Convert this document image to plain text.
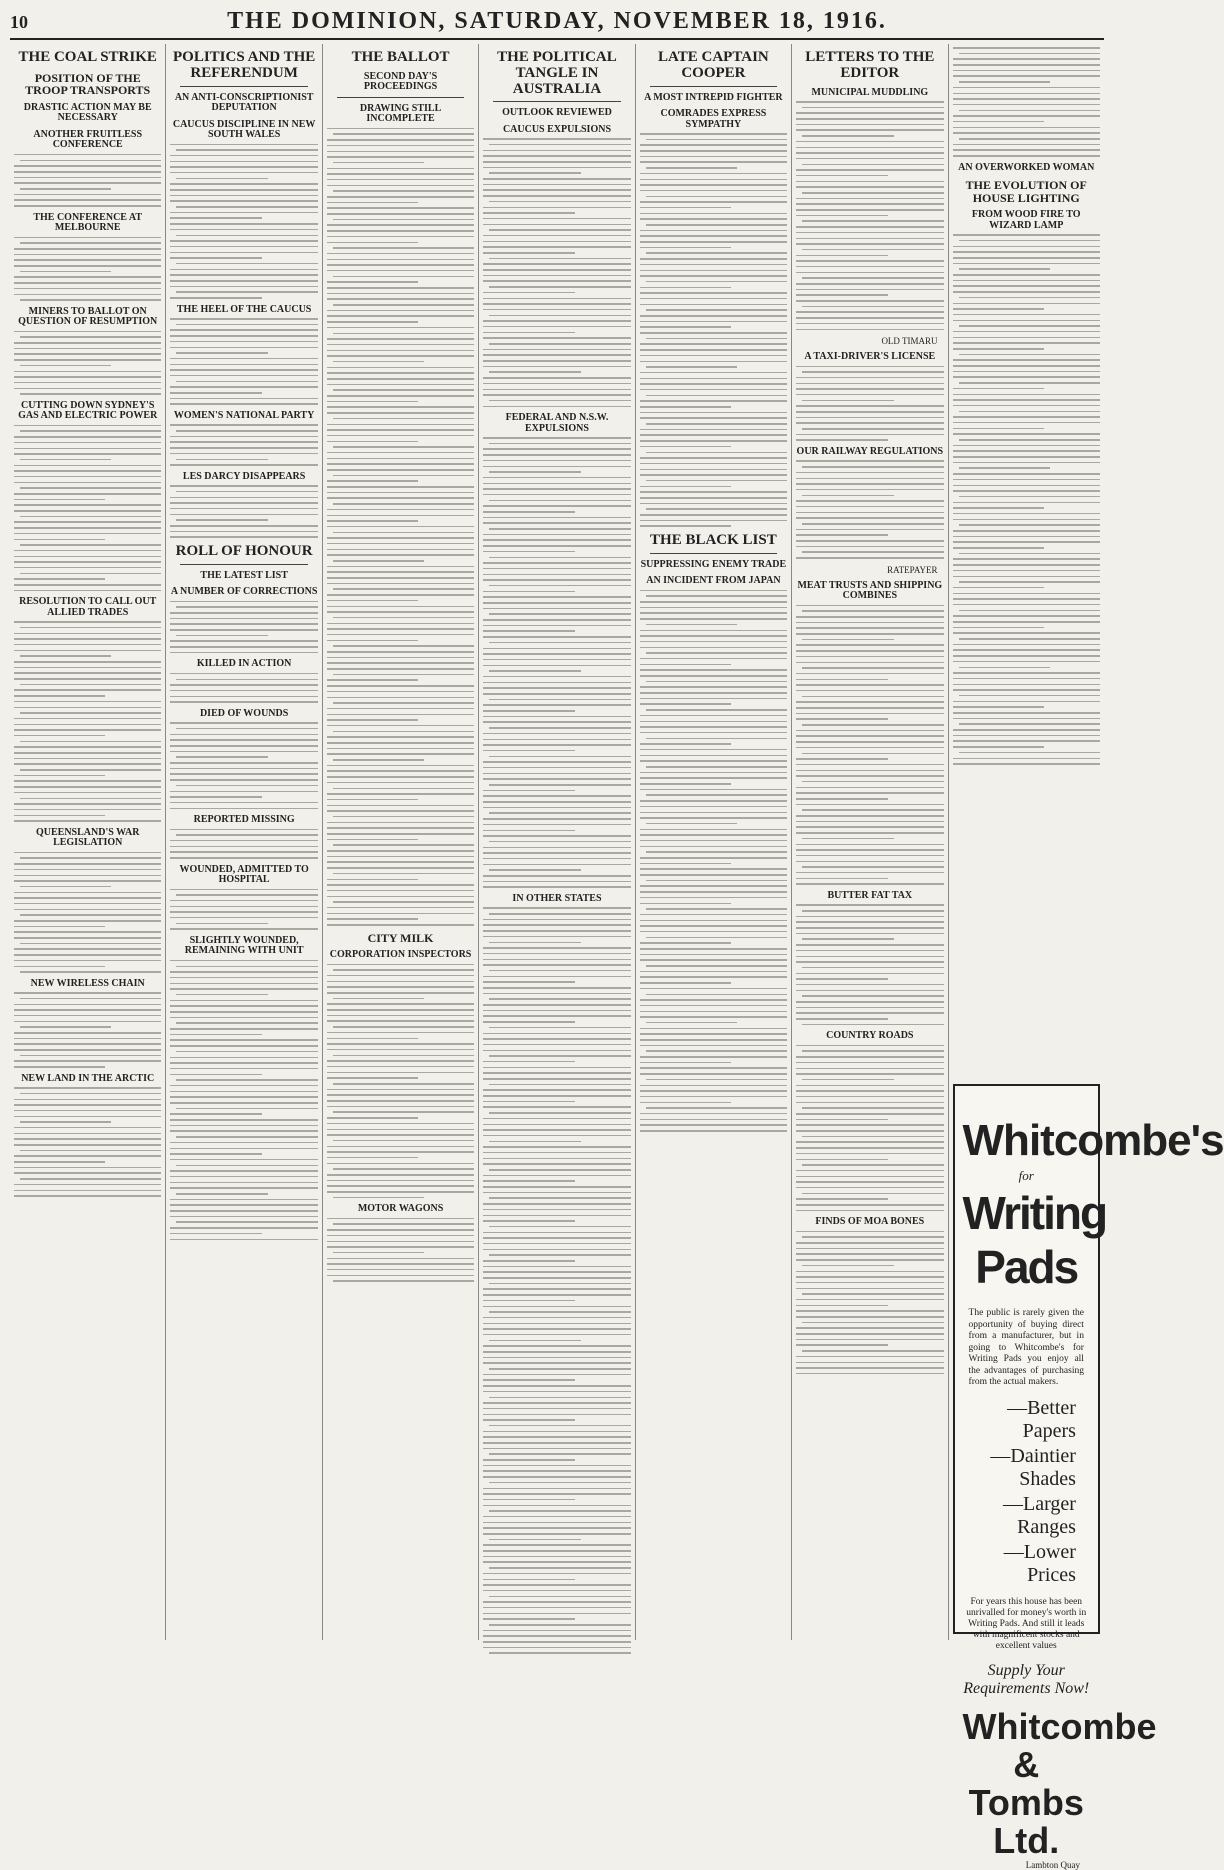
10	THE DOMINION, SATURDAY, NOVEMBER 18, 1916.
THE COAL STRIKE
POSITION OF THE TROOP TRANSPORTS
DRASTIC ACTION MAY BE NECESSARY
ANOTHER FRUITLESS CONFERENCE
THE CONFERENCE AT MELBOURNE
MINERS TO BALLOT ON QUESTION OF RESUMPTION
CUTTING DOWN SYDNEY'S GAS AND ELECTRIC POWER
RESOLUTION TO CALL OUT ALLIED TRADES
QUEENSLAND'S WAR LEGISLATION
NEW WIRELESS CHAIN
NEW LAND IN THE ARCTIC
POLITICS AND THE REFERENDUM
AN ANTI-CONSCRIPTIONIST DEPUTATION
CAUCUS DISCIPLINE IN NEW SOUTH WALES
THE HEEL OF THE CAUCUS
WOMEN'S NATIONAL PARTY
LES DARCY DISAPPEARS
ROLL OF HONOUR
THE LATEST LIST
A NUMBER OF CORRECTIONS
KILLED IN ACTION
DIED OF WOUNDS
REPORTED MISSING
WOUNDED, ADMITTED TO HOSPITAL
SLIGHTLY WOUNDED, REMAINING WITH UNIT
THE BALLOT
SECOND DAY'S PROCEEDINGS
DRAWING STILL INCOMPLETE
CITY MILK
CORPORATION INSPECTORS
MOTOR WAGONS
THE POLITICAL TANGLE IN AUSTRALIA
OUTLOOK REVIEWED
CAUCUS EXPULSIONS
FEDERAL AND N.S.W. EXPULSIONS
IN OTHER STATES
LATE CAPTAIN COOPER
A MOST INTREPID FIGHTER
COMRADES EXPRESS SYMPATHY
THE BLACK LIST
SUPPRESSING ENEMY TRADE
AN INCIDENT FROM JAPAN
LETTERS TO THE EDITOR
MUNICIPAL MUDDLING
OLD TIMARU
A TAXI-DRIVER'S LICENSE
OUR RAILWAY REGULATIONS
RATEPAYER
MEAT TRUSTS AND SHIPPING COMBINES
BUTTER FAT TAX
COUNTRY ROADS
FINDS OF MOA BONES
AN OVERWORKED WOMAN
THE EVOLUTION OF HOUSE LIGHTING
FROM WOOD FIRE TO WIZARD LAMP
Whitcombe's
for
Writing Pads
The public is rarely given the opportunity of buying direct from a manufacturer, but in going to Whitcombe's for Writing Pads you enjoy all the advantages of purchasing from the actual makers.
—Better Papers
—Daintier Shades
—Larger Ranges
—Lower Prices
For years this house has been unrivalled for money's worth in Writing Pads. And still it leads with magnificent stocks and excellent values
Supply Your Requirements Now!
Whitcombe & Tombs Ltd.
Lambton Quay
